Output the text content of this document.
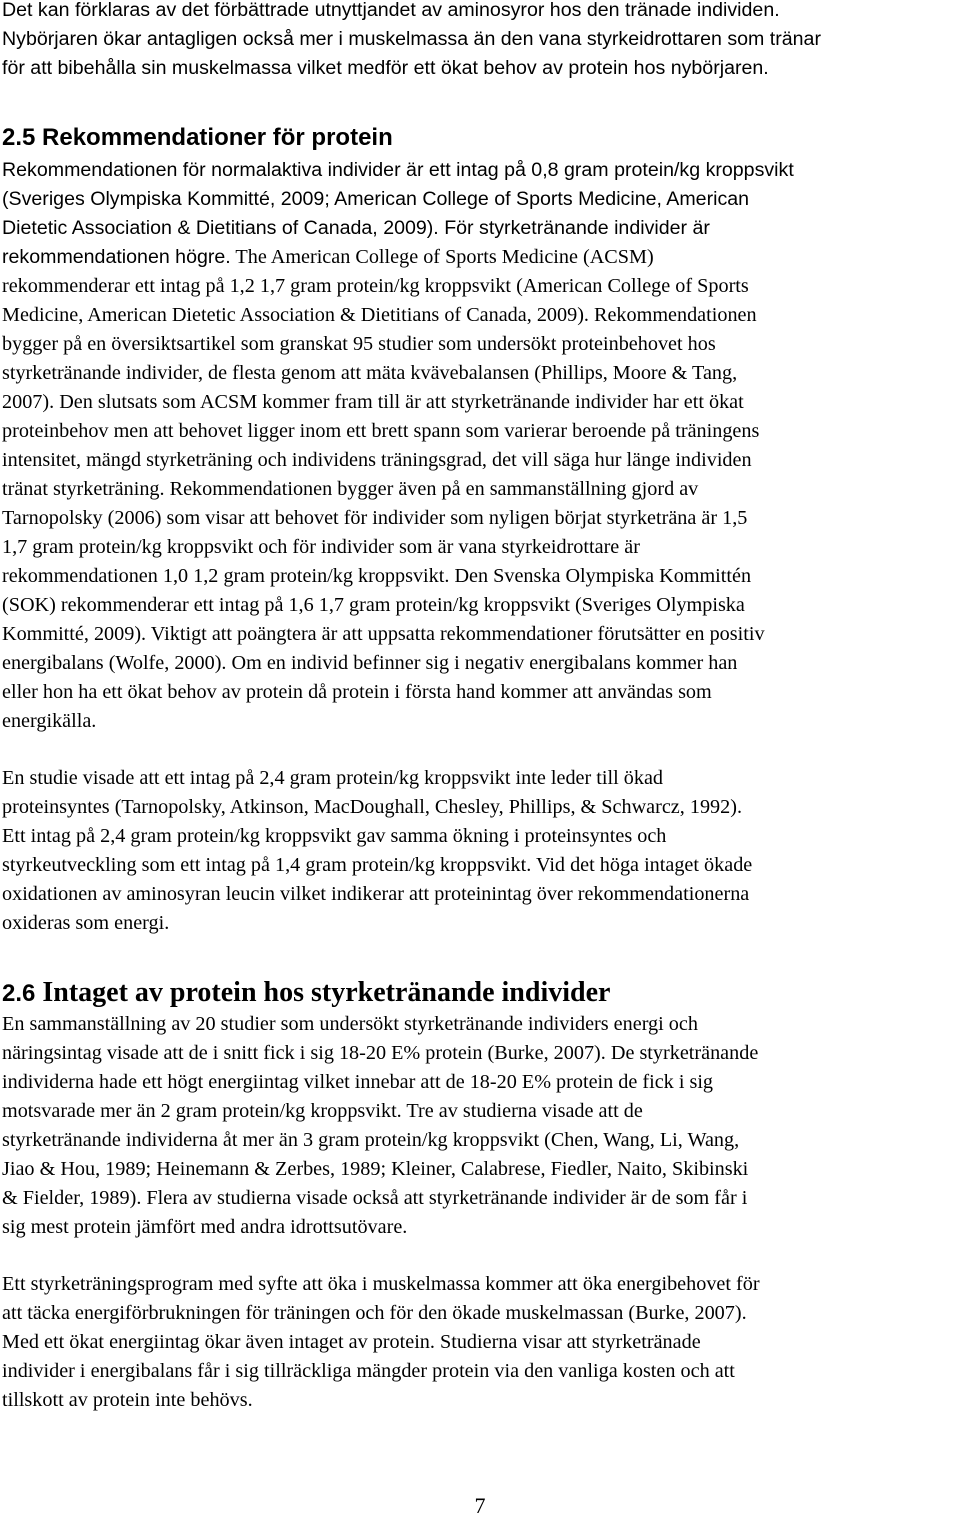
Det kan förklaras av det förbättrade utnyttjandet av aminosyror hos den tränade individen.
Nybörjaren ökar antagligen också mer i muskelmassa än den vana styrkeidrottaren som tränar
för att bibehålla sin muskelmassa vilket medför ett ökat behov av protein hos nybörjaren.
2.5 Rekommendationer för protein
Rekommendationen för normalaktiva individer är ett intag på 0,8 gram protein/kg kroppsvikt
(Sveriges Olympiska Kommitté, 2009; American College of Sports Medicine, American
Dietetic Association & Dietitians of Canada, 2009). För styrketränande individer är
rekommendationen högre. The American College of Sports Medicine (ACSM)
rekommenderar ett intag på 1,2 1,7 gram protein/kg kroppsvikt (American College of Sports
Medicine, American Dietetic Association & Dietitians of Canada, 2009). Rekommendationen
bygger på en översiktsartikel som granskat 95 studier som undersökt proteinbehovet hos
styrketränande individer, de flesta genom att mäta kvävebalansen (Phillips, Moore & Tang,
2007). Den slutsats som ACSM kommer fram till är att styrketränande individer har ett ökat
proteinbehov men att behovet ligger inom ett brett spann som varierar beroende på träningens
intensitet, mängd styrketräning och individens träningsgrad, det vill säga hur länge individen
tränat styrketräning. Rekommendationen bygger även på en sammanställning gjord av
Tarnopolsky (2006) som visar att behovet för individer som nyligen börjat styrketräna är 1,5
1,7 gram protein/kg kroppsvikt och för individer som är vana styrkeidrottare är
rekommendationen 1,0 1,2 gram protein/kg kroppsvikt. Den Svenska Olympiska Kommittén
(SOK) rekommenderar ett intag på 1,6 1,7 gram protein/kg kroppsvikt (Sveriges Olympiska
Kommitté, 2009). Viktigt att poängtera är att uppsatta rekommendationer förutsätter en positiv
energibalans (Wolfe, 2000). Om en individ befinner sig i negativ energibalans kommer han
eller hon ha ett ökat behov av protein då protein i första hand kommer att användas som
energikälla.
En studie visade att ett intag på 2,4 gram protein/kg kroppsvikt inte leder till ökad
proteinsyntes (Tarnopolsky, Atkinson, MacDoughall, Chesley, Phillips, & Schwarcz, 1992).
Ett intag på 2,4 gram protein/kg kroppsvikt gav samma ökning i proteinsyntes och
styrkeutveckling som ett intag på 1,4 gram protein/kg kroppsvikt. Vid det höga intaget ökade
oxidationen av aminosyran leucin vilket indikerar att proteinintag över rekommendationerna
oxideras som energi.
2.6 Intaget av protein hos styrketränande individer
En sammanställning av 20 studier som undersökt styrketränande individers energi och
näringsintag visade att de i snitt fick i sig 18-20 E% protein (Burke, 2007). De styrketränande
individerna hade ett högt energiintag vilket innebar att de 18-20 E% protein de fick i sig
motsvarade mer än 2 gram protein/kg kroppsvikt. Tre av studierna visade att de
styrketränande individerna åt mer än 3 gram protein/kg kroppsvikt (Chen, Wang, Li, Wang,
Jiao & Hou, 1989; Heinemann & Zerbes, 1989; Kleiner, Calabrese, Fiedler, Naito, Skibinski
& Fielder, 1989). Flera av studierna visade också att styrketränande individer är de som får i
sig mest protein jämfört med andra idrottsutövare.
Ett styrketräningsprogram med syfte att öka i muskelmassa kommer att öka energibehovet för
att täcka energiförbrukningen för träningen och för den ökade muskelmassan (Burke, 2007).
Med ett ökat energiintag ökar även intaget av protein. Studierna visar att styrketränade
individer i energibalans får i sig tillräckliga mängder protein via den vanliga kosten och att
tillskott av protein inte behövs.

7
